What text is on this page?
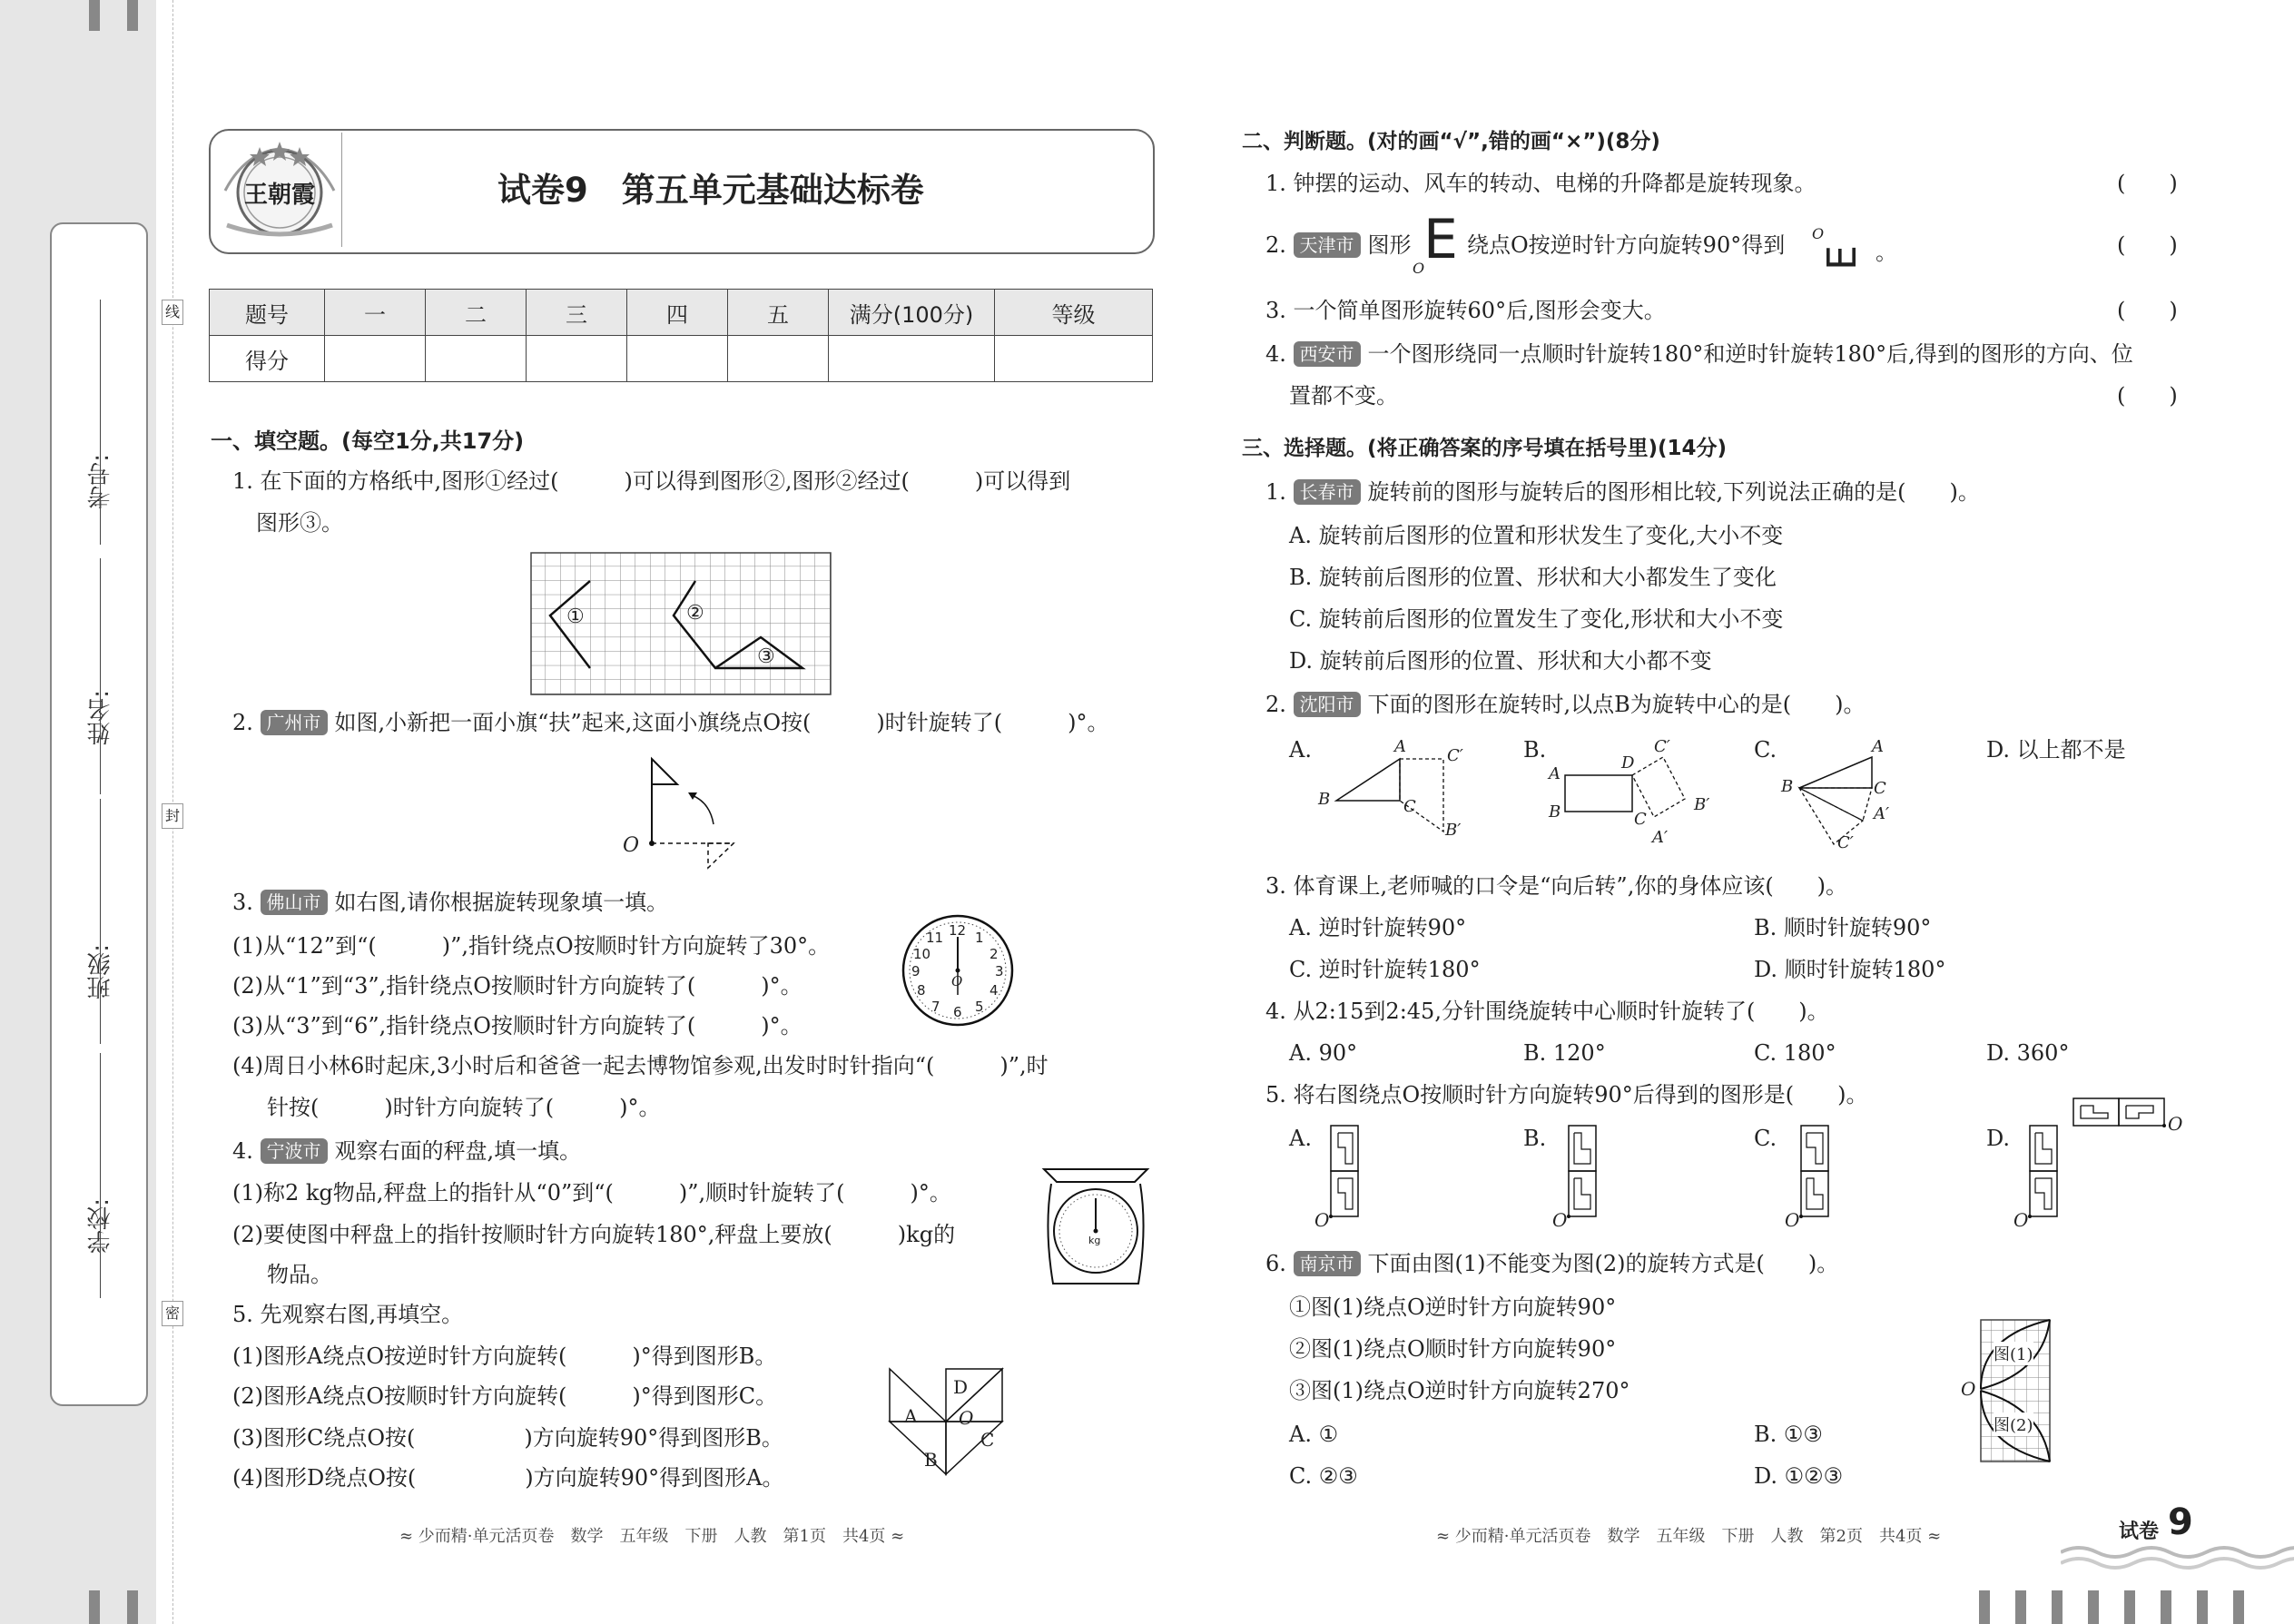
考号:
姓名:
班级:
学校:
线
封
密
王朝霞	试卷9　第五单元基础达标卷
题号	一	二	三	四	五	满分(100分)	等级
得分							
一、填空题。(每空1分,共17分)
1. 在下面的方格纸中,图形①经过(　　　)可以得到图形②,图形②经过(　　　)可以得到
图形③。
①	②
③
2. 广州市 如图,小新把一面小旗“扶”起来,这面小旗绕点O按(　　　)时针旋转了(　　　)°。
O
3. 佛山市 如右图,请你根据旋转现象填一填。
(1)从“12”到“(　　　)”,指针绕点O按顺时针方向旋转了30°。
(2)从“1”到“3”,指针绕点O按顺时针方向旋转了(　　　)°。
(3)从“3”到“6”,指针绕点O按顺时针方向旋转了(　　　)°。
(4)周日小林6时起床,3小时后和爸爸一起去博物馆参观,出发时时针指向“(　　　)”,时
针按(　　　)时针方向旋转了(　　　)°。
12 1
2
3
4
5
6
7
8
9
10
11
O
4. 宁波市 观察右面的秤盘,填一填。
(1)称2 kg物品,秤盘上的指针从“0”到“(　　　)”,顺时针旋转了(　　　)°。
(2)要使图中秤盘上的指针按顺时针方向旋转180°,秤盘上要放(　　　)kg的
物品。
kg
5. 先观察右图,再填空。
(1)图形A绕点O按逆时针方向旋转(　　　)°得到图形B。
(2)图形A绕点O按顺时针方向旋转(　　　)°得到图形C。
(3)图形C绕点O按(　　　　　)方向旋转90°得到图形B。
(4)图形D绕点O按(　　　　　)方向旋转90°得到图形A。
A
B
C
D
O
≈ 少而精·单元活页卷　数学　五年级　下册　人教　第1页　共4页 ≈
二、判断题。(对的画“√”,错的画“×”)(8分)
1. 钟摆的运动、风车的转动、电梯的升降都是旋转现象。	(　　)
2. 天津市 图形 E
O
绕点O按逆时针方向旋转90°得到 E
O
。	(　　)
3. 一个简单图形旋转60°后,图形会变大。	(　　)
4. 西安市 一个图形绕同一点顺时针旋转180°和逆时针旋转180°后,得到的图形的方向、位
置都不变。	(　　)
三、选择题。(将正确答案的序号填在括号里)(14分)
1. 长春市 旋转前的图形与旋转后的图形相比较,下列说法正确的是(　　)。
A. 旋转前后图形的位置和形状发生了变化,大小不变
B. 旋转前后图形的位置、形状和大小都发生了变化
C. 旋转前后图形的位置发生了变化,形状和大小不变
D. 旋转前后图形的位置、形状和大小都不变
2. 沈阳市 下面的图形在旋转时,以点B为旋转中心的是(　　)。
A.	B.	C.	D. 以上都不是
A
B	C
C′
B′
A
B	C
D
C′
B′
A′
A
B	C
A′
C′
3. 体育课上,老师喊的口令是“向后转”,你的身体应该(　　)。
A. 逆时针旋转90°	B. 顺时针旋转90°
C. 逆时针旋转180°	D. 顺时针旋转180°
4. 从2:15到2:45,分针围绕旋转中心顺时针旋转了(　　)。
A. 90°	B. 120°	C. 180°	D. 360°
5. 将右图绕点O按顺时针方向旋转90°后得到的图形是(　　)。
O
A.	B.	C.	D.
O	O	O	O
6. 南京市 下面由图(1)不能变为图(2)的旋转方式是(　　)。
①图(1)绕点O逆时针方向旋转90°
②图(1)绕点O顺时针方向旋转90°
③图(1)绕点O逆时针方向旋转270°
A. ①	B. ①③
C. ②③	D. ①②③
图(1)
图(2)
O
≈ 少而精·单元活页卷　数学　五年级　下册　人教　第2页　共4页 ≈	试卷 9
